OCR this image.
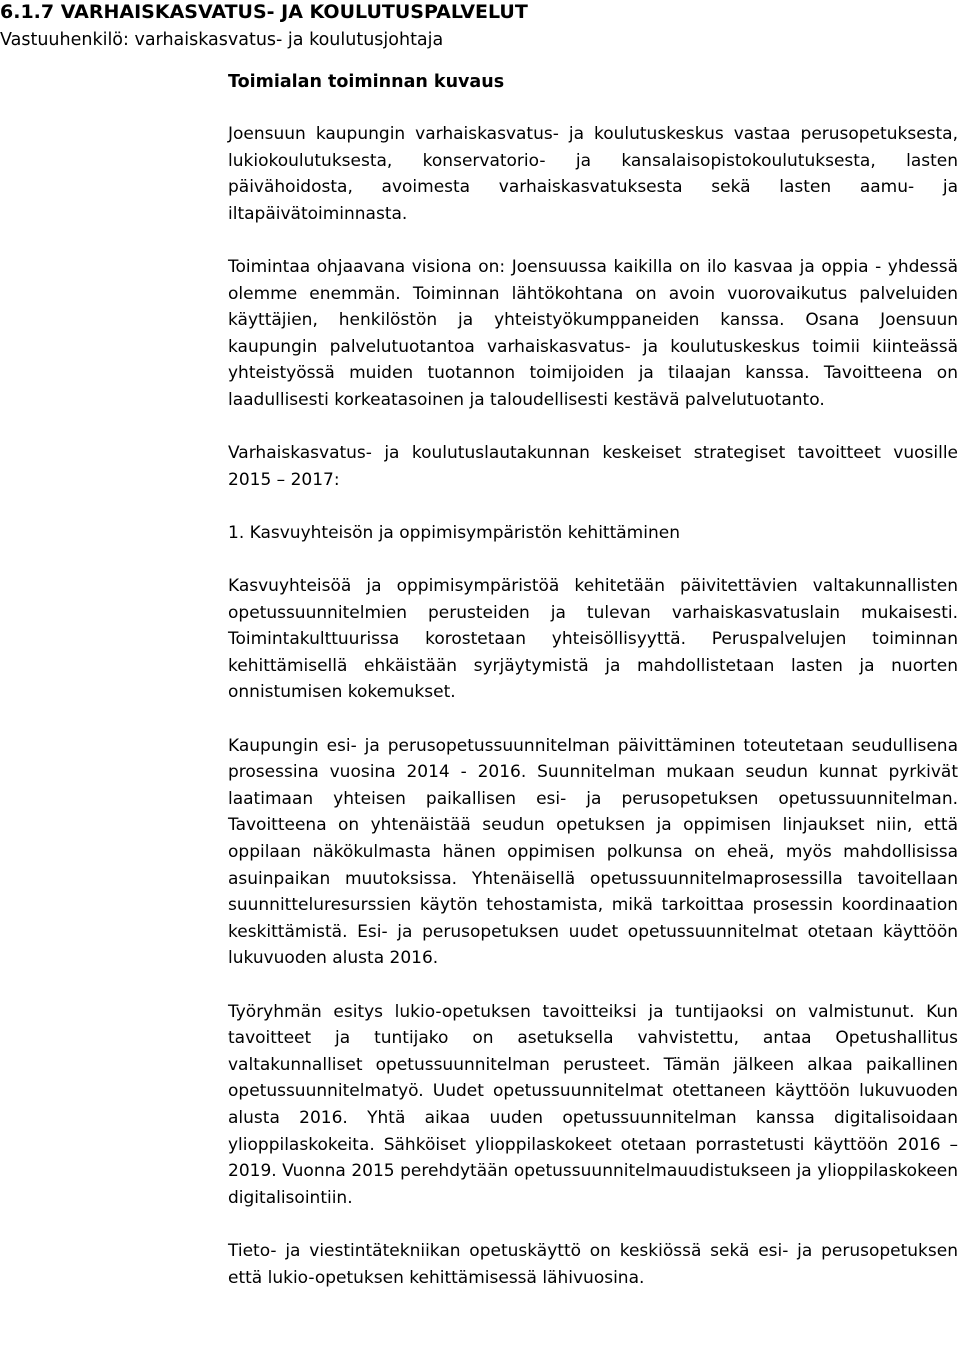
6.1.7 VARHAISKASVATUS- JA KOULUTUSPALVELUT

Vastuuhenkilö: varhaiskasvatus- ja koulutusjohtaja

Toimialan toiminnan kuvaus

Joensuun kaupungin varhaiskasvatus- ja koulutuskeskus vastaa perusopetuksesta, lukiokoulutuksesta, konservatorio- ja kansalaisopistokoulutuksesta, lasten päivähoidosta, avoimesta varhaiskasvatuksesta sekä lasten aamu- ja iltapäivätoiminnasta.

Toimintaa ohjaavana visiona on: Joensuussa kaikilla on ilo kasvaa ja oppia - yhdessä olemme enemmän. Toiminnan lähtökohtana on avoin vuorovaikutus palveluiden käyttäjien, henkilöstön ja yhteistyökumppaneiden kanssa. Osana Joensuun kaupungin palvelutuotantoa varhaiskasvatus- ja koulutuskeskus toimii kiinteässä yhteistyössä muiden tuotannon toimijoiden ja tilaajan kanssa. Tavoitteena on laadullisesti korkeatasoinen ja taloudellisesti kestävä palvelutuotanto.

Varhaiskasvatus- ja koulutuslautakunnan keskeiset strategiset tavoitteet vuosille 2015 – 2017:

1. Kasvuyhteisön ja oppimisympäristön kehittäminen

Kasvuyhteisöä ja oppimisympäristöä kehitetään päivitettävien valtakunnallisten opetussuunnitelmien perusteiden ja tulevan varhaiskasvatuslain mukaisesti. Toimintakulttuurissa korostetaan yhteisöllisyyttä. Peruspalvelujen toiminnan kehittämisellä ehkäistään syrjäytymistä ja mahdollistetaan lasten ja nuorten onnistumisen kokemukset.

Kaupungin esi- ja perusopetussuunnitelman päivittäminen toteutetaan seudullisena prosessina vuosina 2014 - 2016. Suunnitelman mukaan seudun kunnat pyrkivät laatimaan yhteisen paikallisen esi- ja perusopetuksen opetussuunnitelman. Tavoitteena on yhtenäistää seudun opetuksen ja oppimisen linjaukset niin, että oppilaan näkökulmasta hänen oppimisen polkunsa on eheä, myös mahdollisissa asuinpaikan muutoksissa. Yhtenäisellä opetussuunnitelmaprosessilla tavoitellaan suunnitteluresurssien käytön tehostamista, mikä tarkoittaa prosessin koordinaation keskittämistä. Esi- ja perusopetuksen uudet opetussuunnitelmat otetaan käyttöön lukuvuoden alusta 2016.

Työryhmän esitys lukio-opetuksen tavoitteiksi ja tuntijaoksi on valmistunut. Kun tavoitteet ja tuntijako on asetuksella vahvistettu, antaa Opetushallitus valtakunnalliset opetussuunnitelman perusteet. Tämän jälkeen alkaa paikallinen opetussuunnitelmatyö. Uudet opetussuunnitelmat otettaneen käyttöön lukuvuoden alusta 2016. Yhtä aikaa uuden opetussuunnitelman kanssa digitalisoidaan ylioppilaskokeita. Sähköiset ylioppilaskokeet otetaan porrastetusti käyttöön 2016 – 2019. Vuonna 2015 perehdytään opetussuunnitelmauudistukseen ja ylioppilaskokeen digitalisointiin.

Tieto- ja viestintätekniikan opetuskäyttö on keskiössä sekä esi- ja perusopetuksen että lukio-opetuksen kehittämisessä lähivuosina.
